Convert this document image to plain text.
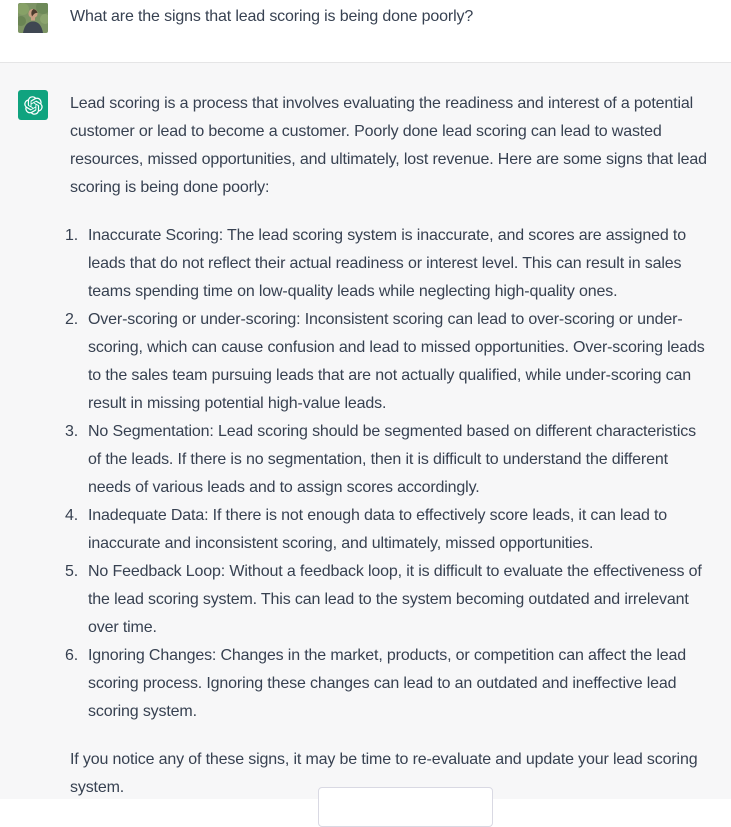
What are the signs that lead scoring is being done poorly?

Lead scoring is a process that involves evaluating the readiness and interest of a potential customer or lead to become a customer. Poorly done lead scoring can lead to wasted resources, missed opportunities, and ultimately, lost revenue. Here are some signs that lead scoring is being done poorly:

1. Inaccurate Scoring: The lead scoring system is inaccurate, and scores are assigned to leads that do not reflect their actual readiness or interest level. This can result in sales teams spending time on low-quality leads while neglecting high-quality ones.
2. Over-scoring or under-scoring: Inconsistent scoring can lead to over-scoring or under-scoring, which can cause confusion and lead to missed opportunities. Over-scoring leads to the sales team pursuing leads that are not actually qualified, while under-scoring can result in missing potential high-value leads.
3. No Segmentation: Lead scoring should be segmented based on different characteristics of the leads. If there is no segmentation, then it is difficult to understand the different needs of various leads and to assign scores accordingly.
4. Inadequate Data: If there is not enough data to effectively score leads, it can lead to inaccurate and inconsistent scoring, and ultimately, missed opportunities.
5. No Feedback Loop: Without a feedback loop, it is difficult to evaluate the effectiveness of the lead scoring system. This can lead to the system becoming outdated and irrelevant over time.
6. Ignoring Changes: Changes in the market, products, or competition can affect the lead scoring process. Ignoring these changes can lead to an outdated and ineffective lead scoring system.

If you notice any of these signs, it may be time to re-evaluate and update your lead scoring system.
